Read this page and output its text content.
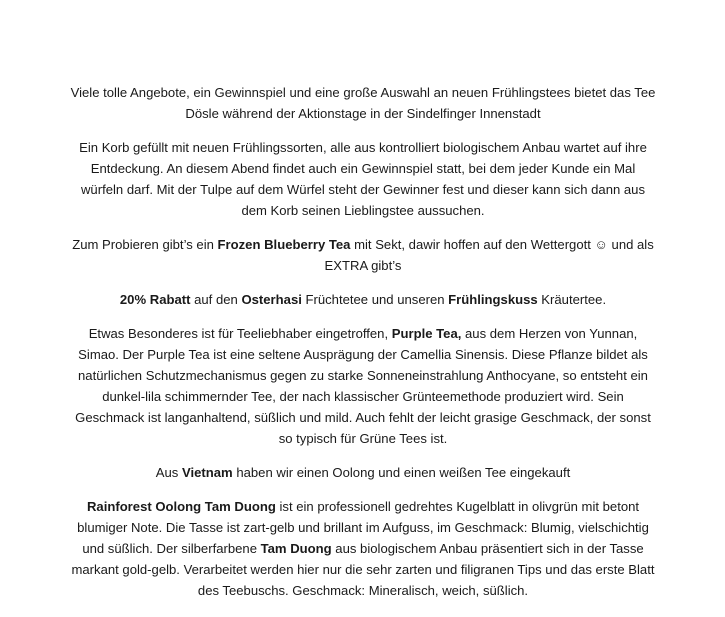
Viele tolle Angebote, ein Gewinnspiel und eine große Auswahl an neuen Frühlingstees bietet das Tee Dösle während der Aktionstage in der Sindelfinger Innenstadt

Ein Korb gefüllt mit neuen Frühlingssorten, alle aus kontrolliert biologischem Anbau wartet auf ihre Entdeckung. An diesem Abend findet auch ein Gewinnspiel statt, bei dem jeder Kunde ein Mal würfeln darf. Mit der Tulpe auf dem Würfel steht der Gewinner fest und dieser kann sich dann aus dem Korb seinen Lieblingstee aussuchen.

Zum Probieren gibt’s ein Frozen Blueberry Tea mit Sekt, dawir hoffen auf den Wettergott ☺ und als EXTRA gibt’s

20% Rabatt auf den Osterhasi Früchtetee und unseren Frühlingskuss Kräutertee.

Etwas Besonderes ist für Teeliebhaber eingetroffen, Purple Tea, aus dem Herzen von Yunnan, Simao. Der Purple Tea ist eine seltene Ausprägung der Camellia Sinensis. Diese Pflanze bildet als natürlichen Schutzmechanismus gegen zu starke Sonneneinstrahlung Anthocyane, so entsteht ein dunkel-lila schimmernder Tee, der nach klassischer Grünteemethode produziert wird. Sein Geschmack ist langanhaltend, süßlich und mild. Auch fehlt der leicht grasige Geschmack, der sonst so typisch für Grüne Tees ist.

Aus Vietnam haben wir einen Oolong und einen weißen Tee eingekauft

Rainforest Oolong Tam Duong ist ein professionell gedrehtes Kugelblatt in olivgrün mit betont blumiger Note. Die Tasse ist zart-gelb und brillant im Aufguss, im Geschmack: Blumig, vielschichtig und süßlich. Der silberfarbene Tam Duong aus biologischem Anbau präsentiert sich in der Tasse markant gold-gelb. Verarbeitet werden hier nur die sehr zarten und filigranen Tips und das erste Blatt des Teebuschs. Geschmack: Mineralisch, weich, süßlich.
